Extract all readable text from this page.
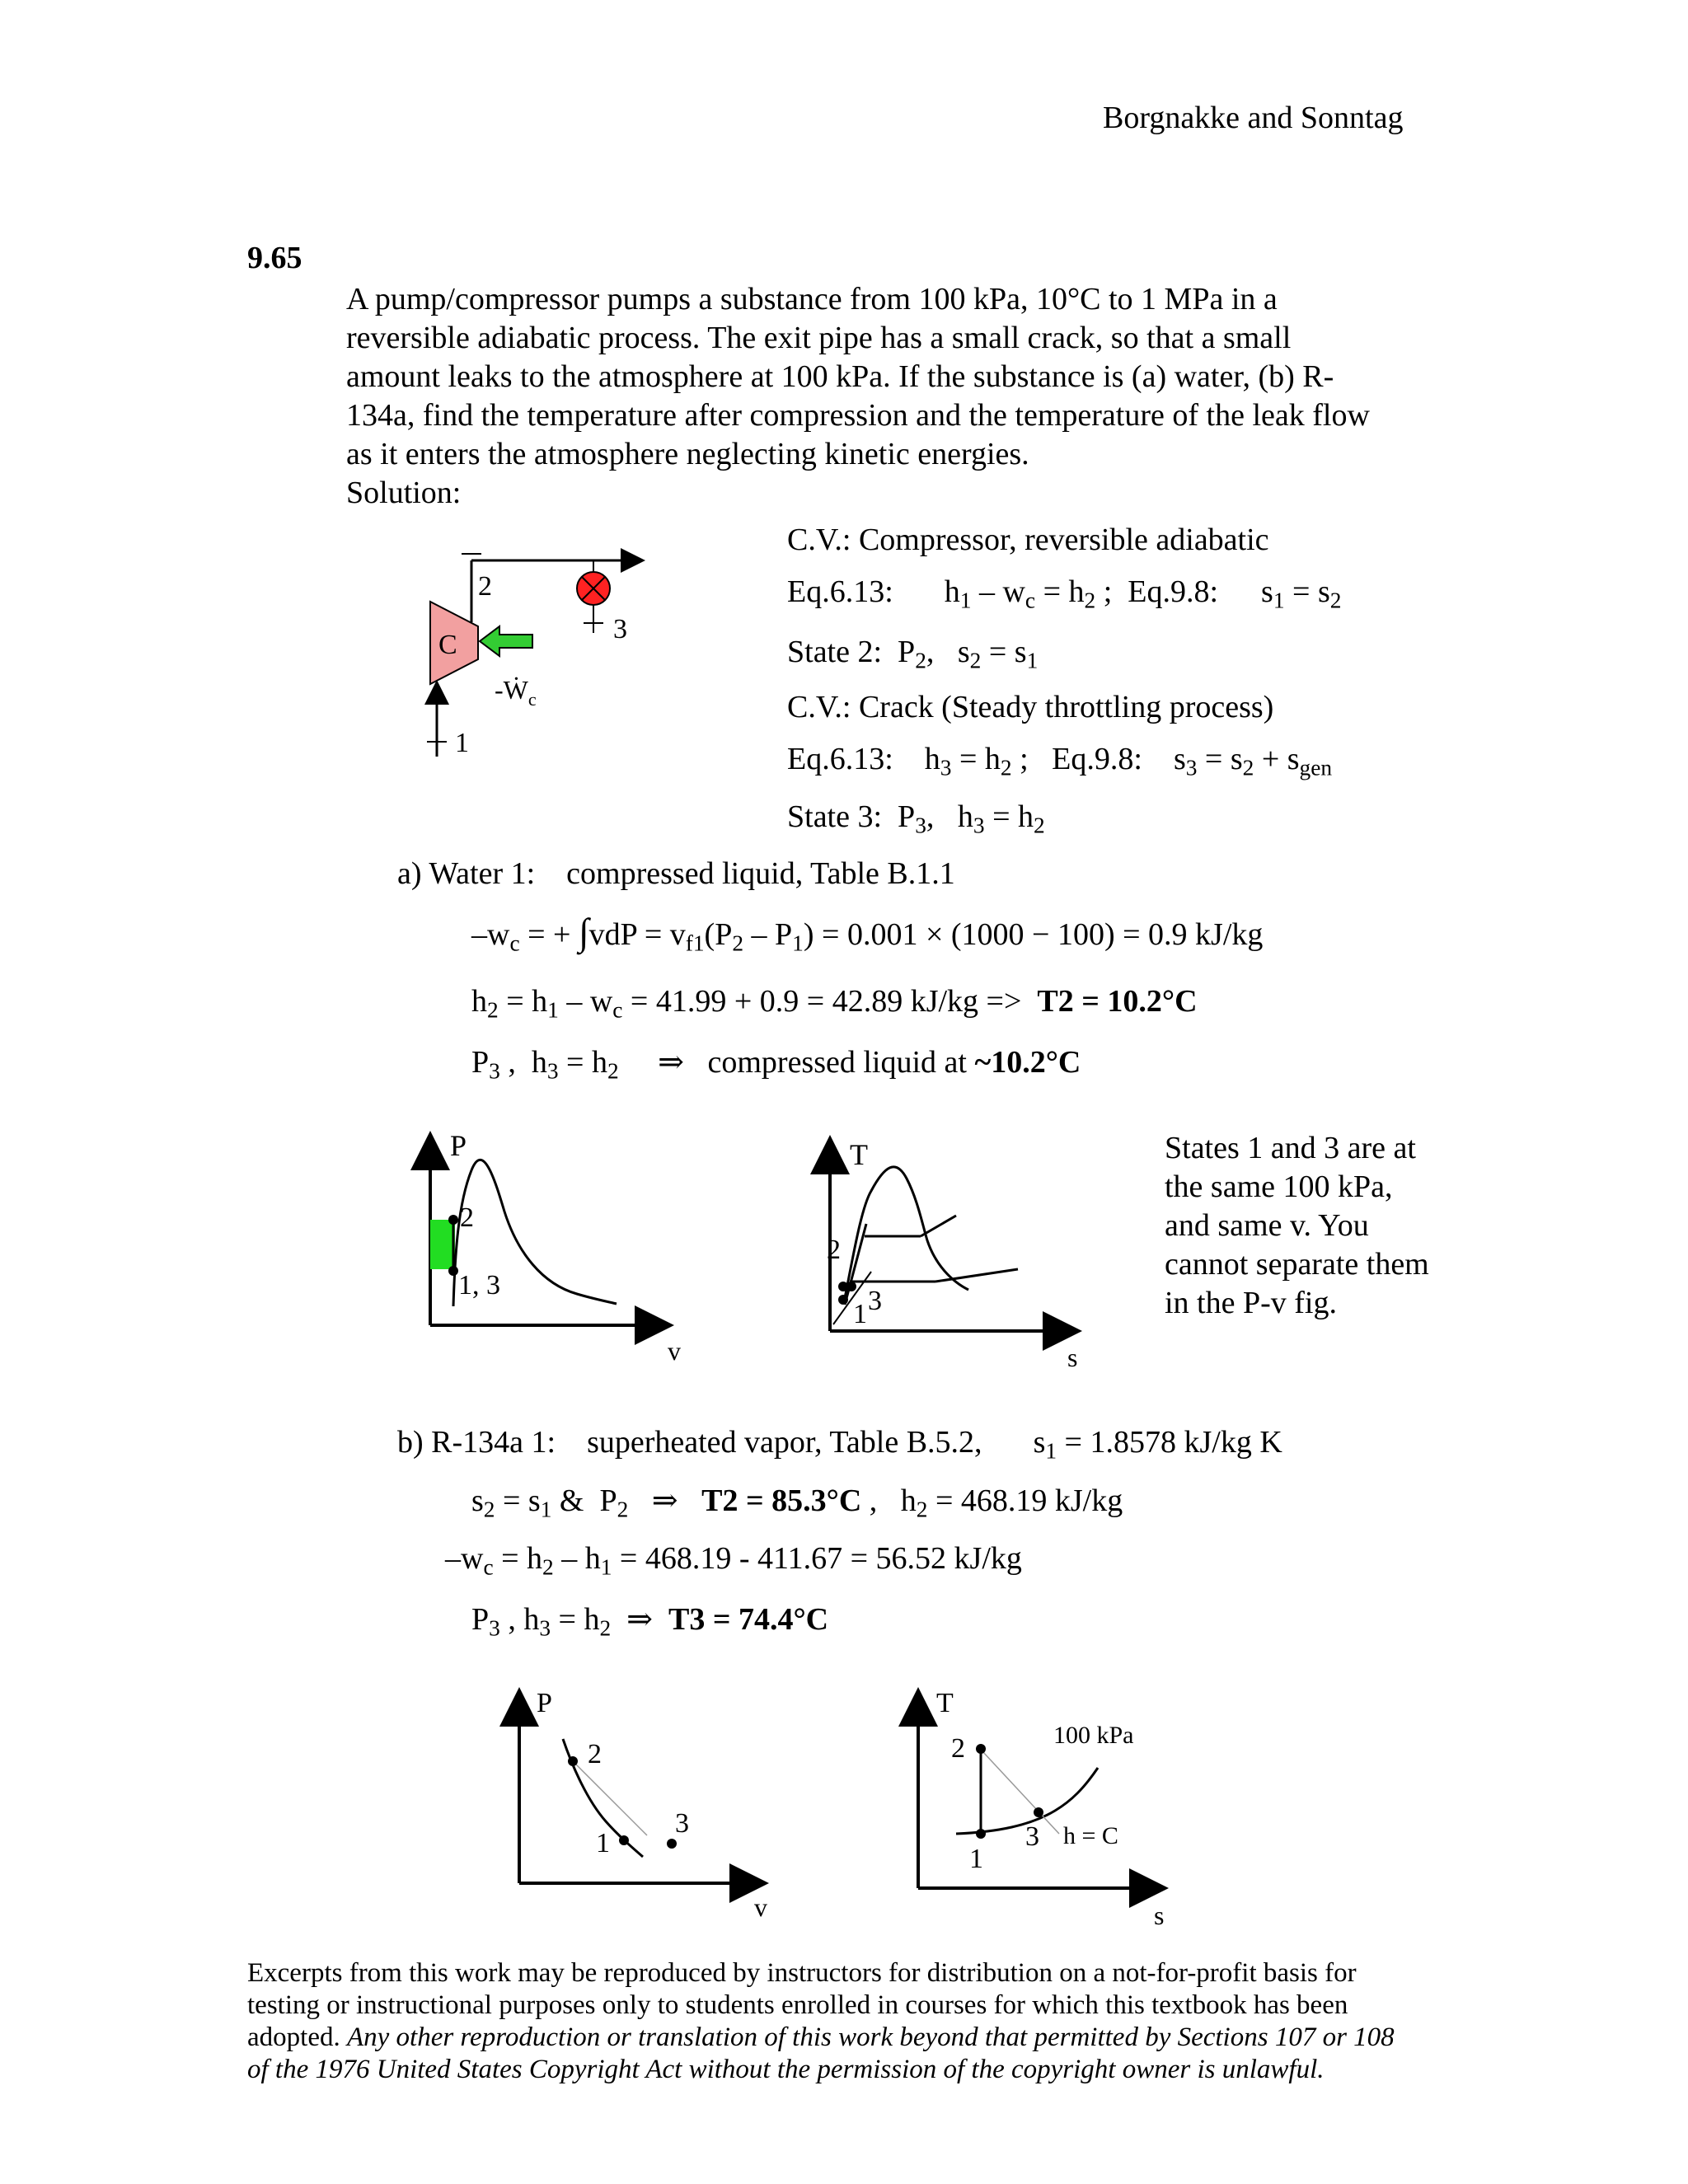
Borgnakke and Sonntag
9.65
A pump/compressor pumps a substance from 100 kPa, 10°C to 1 MPa in a
reversible adiabatic process. The exit pipe has a small crack, so that a small
amount leaks to the atmosphere at 100 kPa. If the substance is (a) water, (b) R-
134a, find the temperature after compression and the temperature of the leak flow
as it enters the atmosphere neglecting kinetic energies.
Solution:
1
C
2
3
-Ẇ$_c$
C.V.: Compressor, reversible adiabatic
Eq.6.13: $h_1 - w_c = h_2$ ;  Eq.9.8: $s_1 = s_2$
State 2:  $P_2$,   $s_2 = s_1$
C.V.: Crack (Steady throttling process)
Eq.6.13:    $h_3 = h_2$ ;   Eq.9.8:    $s_3 = s_2 + s_{gen}$
State 3:  $P_3$,   $h_3 = h_2$
a) Water 1: compressed liquid, Table B.1.1
$-w_c$ = + $\int vdP = v_{f1}(P_2 - P_1) = 0.001 \times (1000 - 100) = 0.9$ kJ/kg
$h_2 = h_1 - w_c = 41.99 + 0.9 = 42.89$ kJ/kg => T2 = 10.2°C
$P_3$ ,  $h_3 = h_2$     ⇒   compressed liquid at ~10.2°C
P
v
2
1, 3
T
s
2
1 3
States 1 and 3 are at
the same 100 kPa,
and same v. You
cannot separate them
in the P-v fig.
b) R-134a 1: superheated vapor, Table B.5.2, $s_1 = 1.8578$ kJ/kg K
$s_2 = s_1$ &  $P_2$   ⇒   T2 = 85.3°C ,   $h_2 = 468.19$ kJ/kg
$-w_c = h_2 - h_1 = 468.19 - 411.67 = 56.52$ kJ/kg
$P_3$ , $h_3 = h_2$  ⇒  T3 = 74.4°C
P
v
2
1
3
T
s
100 kPa
2
1
3 h = C
Excerpts from this work may be reproduced by instructors for distribution on a not-for-profit basis for
testing or instructional purposes only to students enrolled in courses for which this textbook has been
adopted. Any other reproduction or translation of this work beyond that permitted by Sections 107 or 108
of the 1976 United States Copyright Act without the permission of the copyright owner is unlawful.
